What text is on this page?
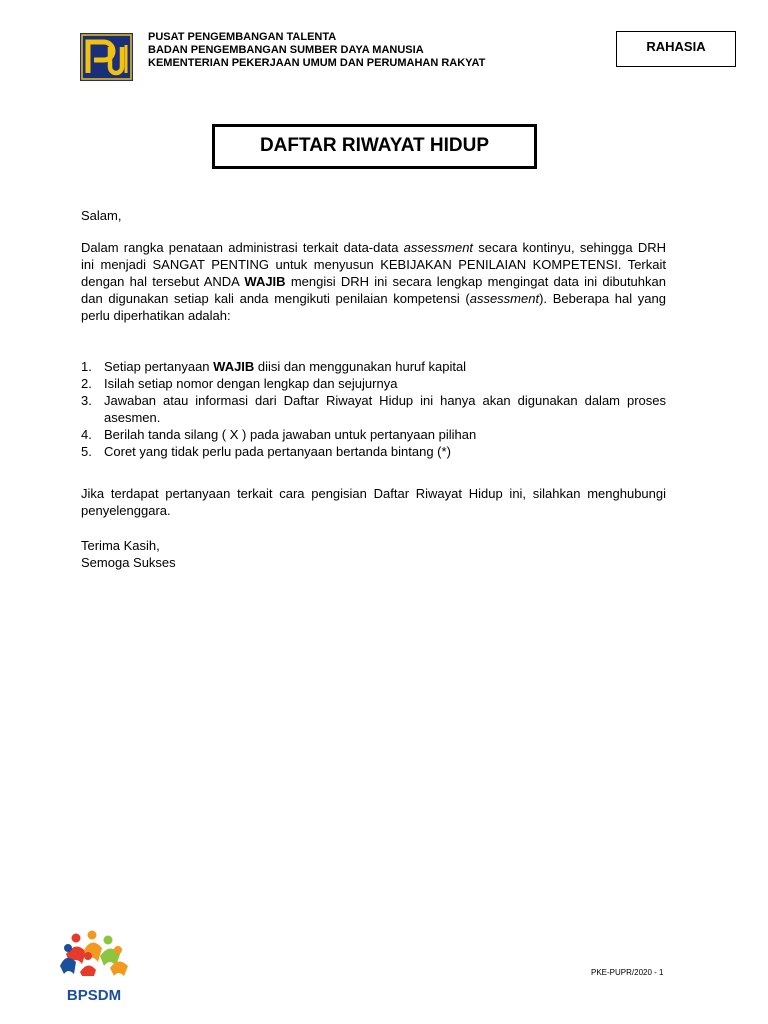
PUSAT PENGEMBANGAN TALENTA
BADAN PENGEMBANGAN SUMBER DAYA MANUSIA
KEMENTERIAN PEKERJAAN UMUM DAN PERUMAHAN RAKYAT
RAHASIA
DAFTAR RIWAYAT HIDUP
Salam,
Dalam rangka penataan administrasi terkait data-data assessment secara kontinyu, sehingga DRH ini menjadi SANGAT PENTING untuk menyusun KEBIJAKAN PENILAIAN KOMPETENSI. Terkait dengan hal tersebut ANDA WAJIB mengisi DRH ini secara lengkap mengingat data ini dibutuhkan dan digunakan setiap kali anda mengikuti penilaian kompetensi (assessment). Beberapa hal yang perlu diperhatikan adalah:
1. Setiap pertanyaan WAJIB diisi dan menggunakan huruf kapital
2. Isilah setiap nomor dengan lengkap dan sejujurnya
3. Jawaban atau informasi dari Daftar Riwayat Hidup ini hanya akan digunakan dalam proses asesmen.
4. Berilah tanda silang ( X ) pada jawaban untuk pertanyaan pilihan
5. Coret yang tidak perlu pada pertanyaan bertanda bintang (*)
Jika terdapat pertanyaan terkait cara pengisian Daftar Riwayat Hidup ini, silahkan menghubungi penyelenggara.
Terima Kasih,
Semoga Sukses
BPSDM
PKE-PUPR/2020 - 1
